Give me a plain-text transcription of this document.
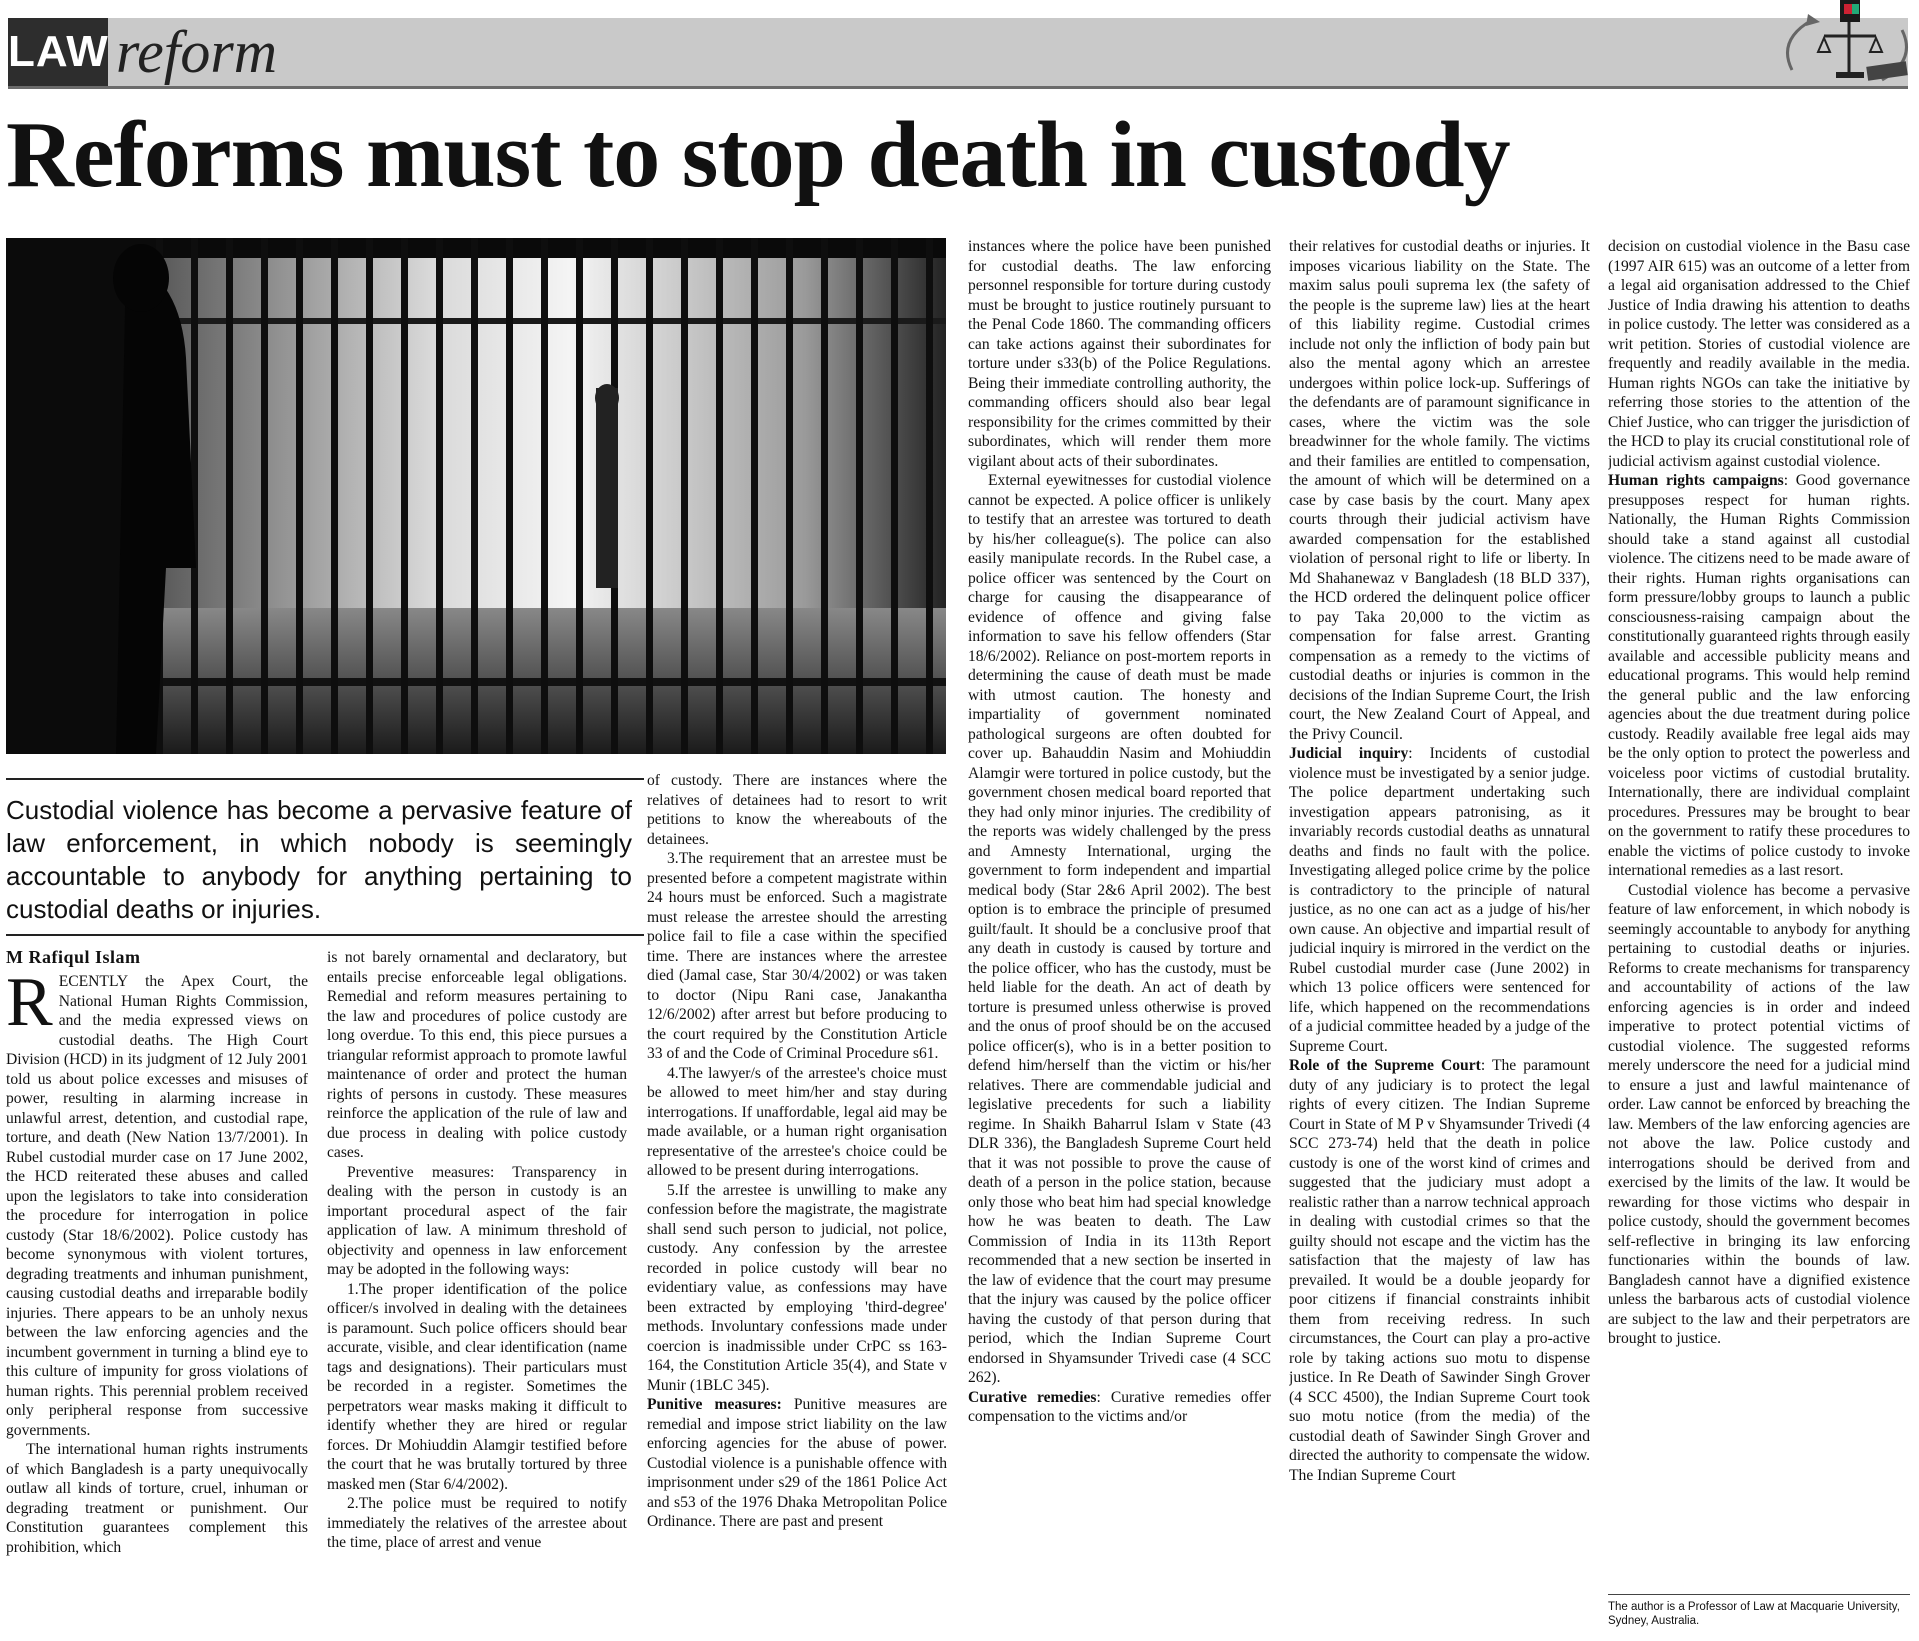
LAW reform
Reforms must to stop death in custody
Custodial violence has become a pervasive feature of law enforcement, in which nobody is seemingly accountable to anybody for anything pertaining to custodial deaths or injuries.
M Rafiqul Islam

RECENTLY the Apex Court, the National Human Rights Commission, and the media expressed views on custodial deaths. The High Court Division (HCD) in its judgment of 12 July 2001 told us about police excesses and misuses of power, resulting in alarming increase in unlawful arrest, detention, and custodial rape, torture, and death (New Nation 13/7/2001). In Rubel custodial murder case on 17 June 2002, the HCD reiterated these abuses and called upon the legislators to take into consideration the procedure for interrogation in police custody (Star 18/6/2002). Police custody has become synonymous with violent tortures, degrading treatments and inhuman punishment, causing custodial deaths and irreparable bodily injuries. There appears to be an unholy nexus between the law enforcing agencies and the incumbent government in turning a blind eye to this culture of impunity for gross violations of human rights. This perennial problem received only peripheral response from successive governments.

The international human rights instruments of which Bangladesh is a party unequivocally outlaw all kinds of torture, cruel, inhuman or degrading treatment or punishment. Our Constitution guarantees complement this prohibition, which

is not barely ornamental and declaratory, but entails precise enforceable legal obligations. Remedial and reform measures pertaining to the law and procedures of police custody are long overdue. To this end, this piece pursues a triangular reformist approach to promote lawful maintenance of order and protect the human rights of persons in custody. These measures reinforce the application of the rule of law and due process in dealing with police custody cases.

Preventive measures: Transparency in dealing with the person in custody is an important procedural aspect of the fair application of law. A minimum threshold of objectivity and openness in law enforcement may be adopted in the following ways:

1.The proper identification of the police officer/s involved in dealing with the detainees is paramount. Such police officers should bear accurate, visible, and clear identification (name tags and designations). Their particulars must be recorded in a register. Sometimes the perpetrators wear masks making it difficult to identify whether they are hired or regular forces. Dr Mohiuddin Alamgir testified before the court that he was brutally tortured by three masked men (Star 6/4/2002).

2.The police must be required to notify immediately the relatives of the arrestee about the time, place of arrest and venue

of custody. There are instances where the relatives of detainees had to resort to writ petitions to know the whereabouts of the detainees.

3.The requirement that an arrestee must be presented before a competent magistrate within 24 hours must be enforced. Such a magistrate must release the arrestee should the arresting police fail to file a case within the specified time. There are instances where the arrestee died (Jamal case, Star 30/4/2002) or was taken to doctor (Nipu Rani case, Janakantha 12/6/2002) after arrest but before producing to the court required by the Constitution Article 33 of and the Code of Criminal Procedure s61.

4.The lawyer/s of the arrestee's choice must be allowed to meet him/her and stay during interrogations. If unaffordable, legal aid may be made available, or a human right organisation representative of the arrestee's choice could be allowed to be present during interrogations.

5.If the arrestee is unwilling to make any confession before the magistrate, the magistrate shall send such person to judicial, not police, custody. Any confession by the arrestee recorded in police custody will bear no evidentiary value, as confessions may have been extracted by employing 'third-degree' methods. Involuntary confessions made under coercion is inadmissible under CrPC ss 163-164, the Constitution Article 35(4), and State v Munir (1BLC 345).

Punitive measures: Punitive measures are remedial and impose strict liability on the law enforcing agencies for the abuse of power. Custodial violence is a punishable offence with imprisonment under s29 of the 1861 Police Act and s53 of the 1976 Dhaka Metropolitan Police Ordinance. There are past and present

instances where the police have been punished for custodial deaths. The law enforcing personnel responsible for torture during custody must be brought to justice routinely pursuant to the Penal Code 1860. The commanding officers can take actions against their subordinates for torture under s33(b) of the Police Regulations. Being their immediate controlling authority, the commanding officers should also bear legal responsibility for the crimes committed by their subordinates, which will render them more vigilant about acts of their subordinates.

External eyewitnesses for custodial violence cannot be expected. A police officer is unlikely to testify that an arrestee was tortured to death by his/her colleague(s). The police can also easily manipulate records. In the Rubel case, a police officer was sentenced by the Court on charge for causing the disappearance of evidence of offence and giving false information to save his fellow offenders (Star 18/6/2002). Reliance on post-mortem reports in determining the cause of death must be made with utmost caution. The honesty and impartiality of government nominated pathological surgeons are often doubted for cover up. Bahauddin Nasim and Mohiuddin Alamgir were tortured in police custody, but the government chosen medical board reported that they had only minor injuries. The credibility of the reports was widely challenged by the press and Amnesty International, urging the government to form independent and impartial medical body (Star 2&6 April 2002). The best option is to embrace the principle of presumed guilt/fault. It should be a conclusive proof that any death in custody is caused by torture and the police officer, who has the custody, must be held liable for the death. An act of death by torture is presumed unless otherwise is proved and the onus of proof should be on the accused police officer(s), who is in a better position to defend him/herself than the victim or his/her relatives. There are commendable judicial and legislative precedents for such a liability regime. In Shaikh Baharrul Islam v State (43 DLR 336), the Bangladesh Supreme Court held that it was not possible to prove the cause of death of a person in the police station, because only those who beat him had special knowledge how he was beaten to death. The Law Commission of India in its 113th Report recommended that a new section be inserted in the law of evidence that the court may presume that the injury was caused by the police officer having the custody of that person during that period, which the Indian Supreme Court endorsed in Shyamsunder Trivedi case (4 SCC 262).

Curative remedies: Curative remedies offer compensation to the victims and/or

their relatives for custodial deaths or injuries. It imposes vicarious liability on the State. The maxim salus pouli suprema lex (the safety of the people is the supreme law) lies at the heart of this liability regime. Custodial crimes include not only the infliction of body pain but also the mental agony which an arrestee undergoes within police lock-up. Sufferings of the defendants are of paramount significance in cases, where the victim was the sole breadwinner for the whole family. The victims and their families are entitled to compensation, the amount of which will be determined on a case by case basis by the court. Many apex courts through their judicial activism have awarded compensation for the established violation of personal right to life or liberty. In Md Shahanewaz v Bangladesh (18 BLD 337), the HCD ordered the delinquent police officer to pay Taka 20,000 to the victim as compensation for false arrest. Granting compensation as a remedy to the victims of custodial deaths or injuries is common in the decisions of the Indian Supreme Court, the Irish court, the New Zealand Court of Appeal, and the Privy Council.

Judicial inquiry: Incidents of custodial violence must be investigated by a senior judge. The police department undertaking such investigation appears patronising, as it invariably records custodial deaths as unnatural deaths and finds no fault with the police. Investigating alleged police crime by the police is contradictory to the principle of natural justice, as no one can act as a judge of his/her own cause. An objective and impartial result of judicial inquiry is mirrored in the verdict on the Rubel custodial murder case (June 2002) in which 13 police officers were sentenced for life, which happened on the recommendations of a judicial committee headed by a judge of the Supreme Court.

Role of the Supreme Court: The paramount duty of any judiciary is to protect the legal rights of every citizen. The Indian Supreme Court in State of M P v Shyamsunder Trivedi (4 SCC 273-74) held that the death in police custody is one of the worst kind of crimes and suggested that the judiciary must adopt a realistic rather than a narrow technical approach in dealing with custodial crimes so that the guilty should not escape and the victim has the satisfaction that the majesty of law has prevailed. It would be a double jeopardy for poor citizens if financial constraints inhibit them from receiving redress. In such circumstances, the Court can play a pro-active role by taking actions suo motu to dispense justice. In Re Death of Sawinder Singh Grover (4 SCC 4500), the Indian Supreme Court took suo motu notice (from the media) of the custodial death of Sawinder Singh Grover and directed the authority to compensate the widow. The Indian Supreme Court

decision on custodial violence in the Basu case (1997 AIR 615) was an outcome of a letter from a legal aid organisation addressed to the Chief Justice of India drawing his attention to deaths in police custody. The letter was considered as a writ petition. Stories of custodial violence are frequently and readily available in the media. Human rights NGOs can take the initiative by referring those stories to the attention of the Chief Justice, who can trigger the jurisdiction of the HCD to play its crucial constitutional role of judicial activism against custodial violence.

Human rights campaigns: Good governance presupposes respect for human rights. Nationally, the Human Rights Commission should take a stand against all custodial violence. The citizens need to be made aware of their rights. Human rights organisations can form pressure/lobby groups to launch a public consciousness-raising campaign about the constitutionally guaranteed rights through easily available and accessible publicity means and educational programs. This would help remind the general public and the law enforcing agencies about the due treatment during police custody. Readily available free legal aids may be the only option to protect the powerless and voiceless poor victims of custodial brutality. Internationally, there are individual complaint procedures. Pressures may be brought to bear on the government to ratify these procedures to enable the victims of police custody to invoke international remedies as a last resort.

Custodial violence has become a pervasive feature of law enforcement, in which nobody is seemingly accountable to anybody for anything pertaining to custodial deaths or injuries. Reforms to create mechanisms for transparency and accountability of actions of the law enforcing agencies is in order and indeed imperative to protect potential victims of custodial violence. The suggested reforms merely underscore the need for a judicial mind to ensure a just and lawful maintenance of order. Law cannot be enforced by breaching the law. Members of the law enforcing agencies are not above the law. Police custody and interrogations should be derived from and exercised by the limits of the law. It would be rewarding for those victims who despair in police custody, should the government becomes self-reflective in bringing its law enforcing functionaries within the bounds of law. Bangladesh cannot have a dignified existence unless the barbarous acts of custodial violence are subject to the law and their perpetrators are brought to justice.

The author is a Professor of Law at Macquarie University, Sydney, Australia.
